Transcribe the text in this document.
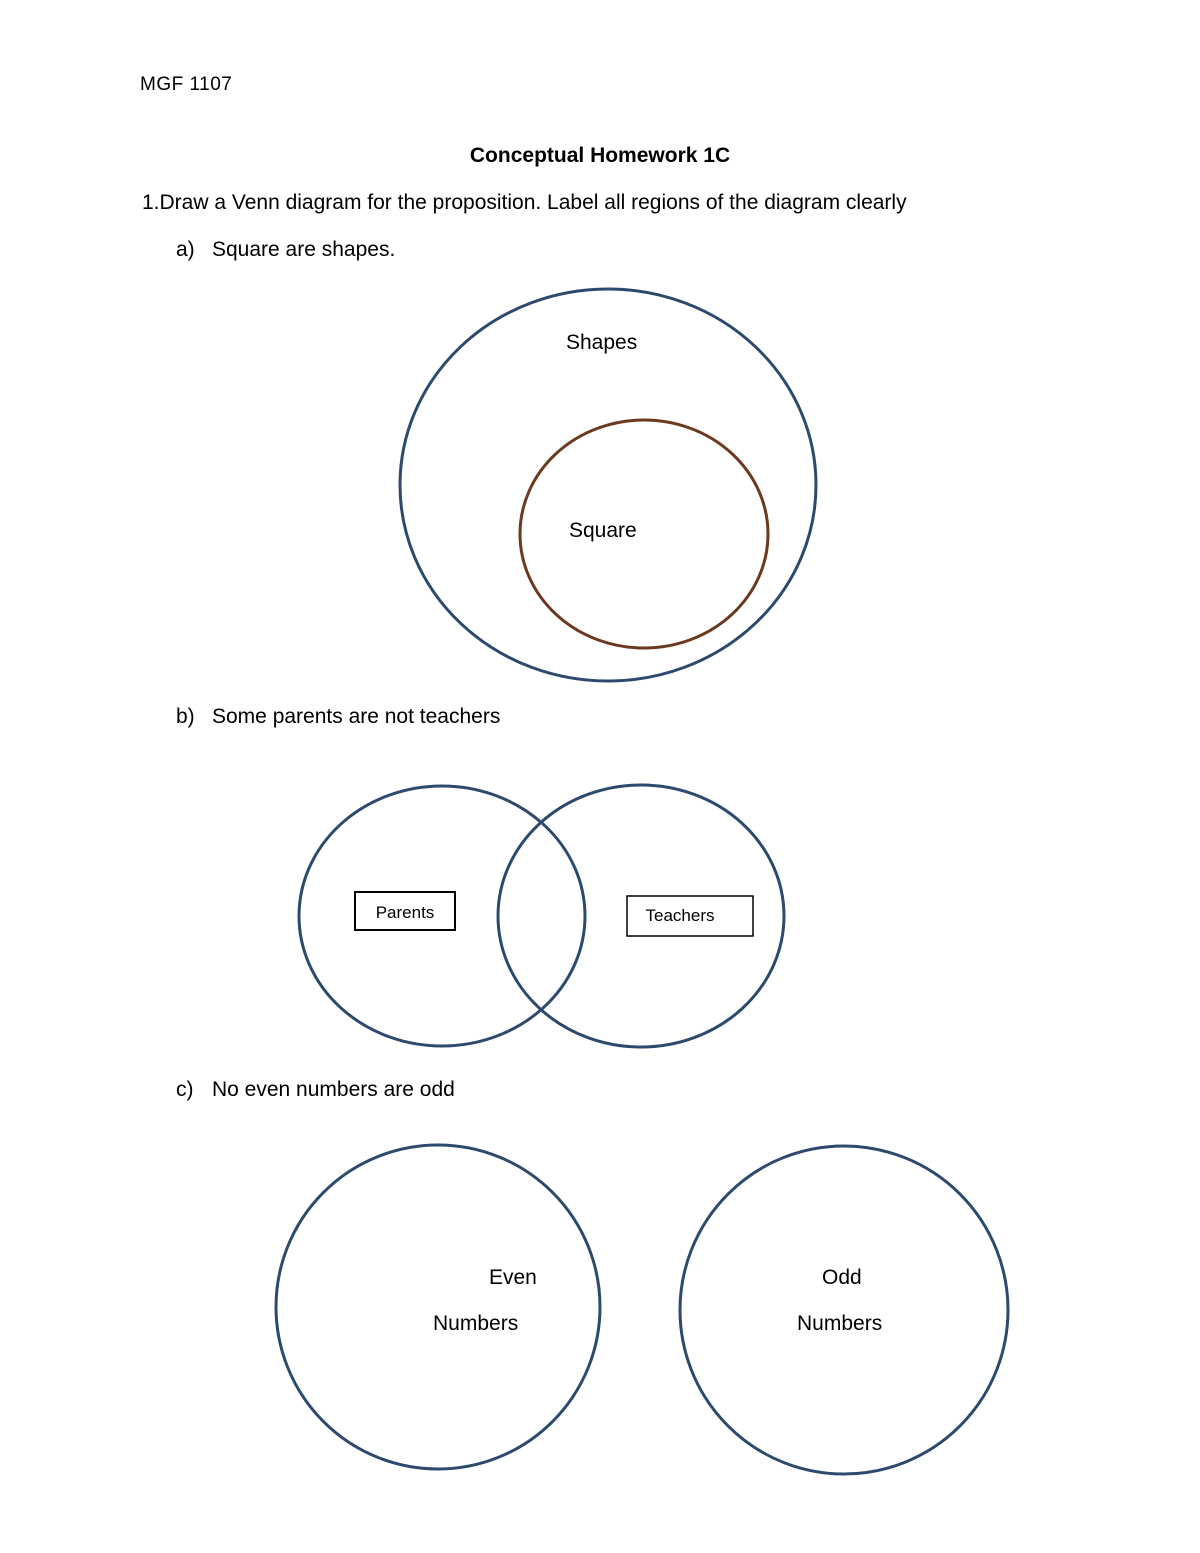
MGF 1107
Conceptual Homework 1C
1.Draw a Venn diagram for the proposition. Label all regions of the diagram clearly
a) Square are shapes.
Shapes
Square
b) Some parents are not teachers
Parents	Teachers
c) No even numbers are odd
Even
Numbers
Odd
Numbers
